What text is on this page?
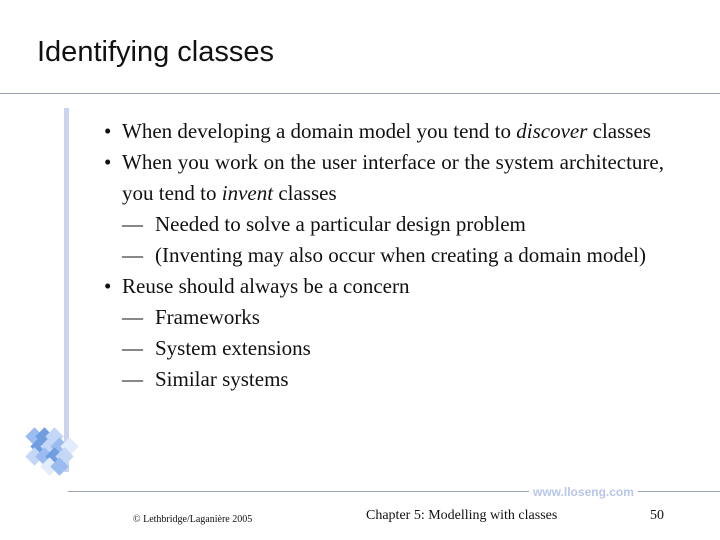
Identifying classes
• When developing a domain model you tend to discover classes
• When you work on the user interface or the system architecture, you tend to invent classes
— Needed to solve a particular design problem
— (Inventing may also occur when creating a domain model)
• Reuse should always be a concern
— Frameworks
— System extensions
— Similar systems
www.lloseng.com
© Lethbridge/Laganière 2005	Chapter 5: Modelling with classes	50
